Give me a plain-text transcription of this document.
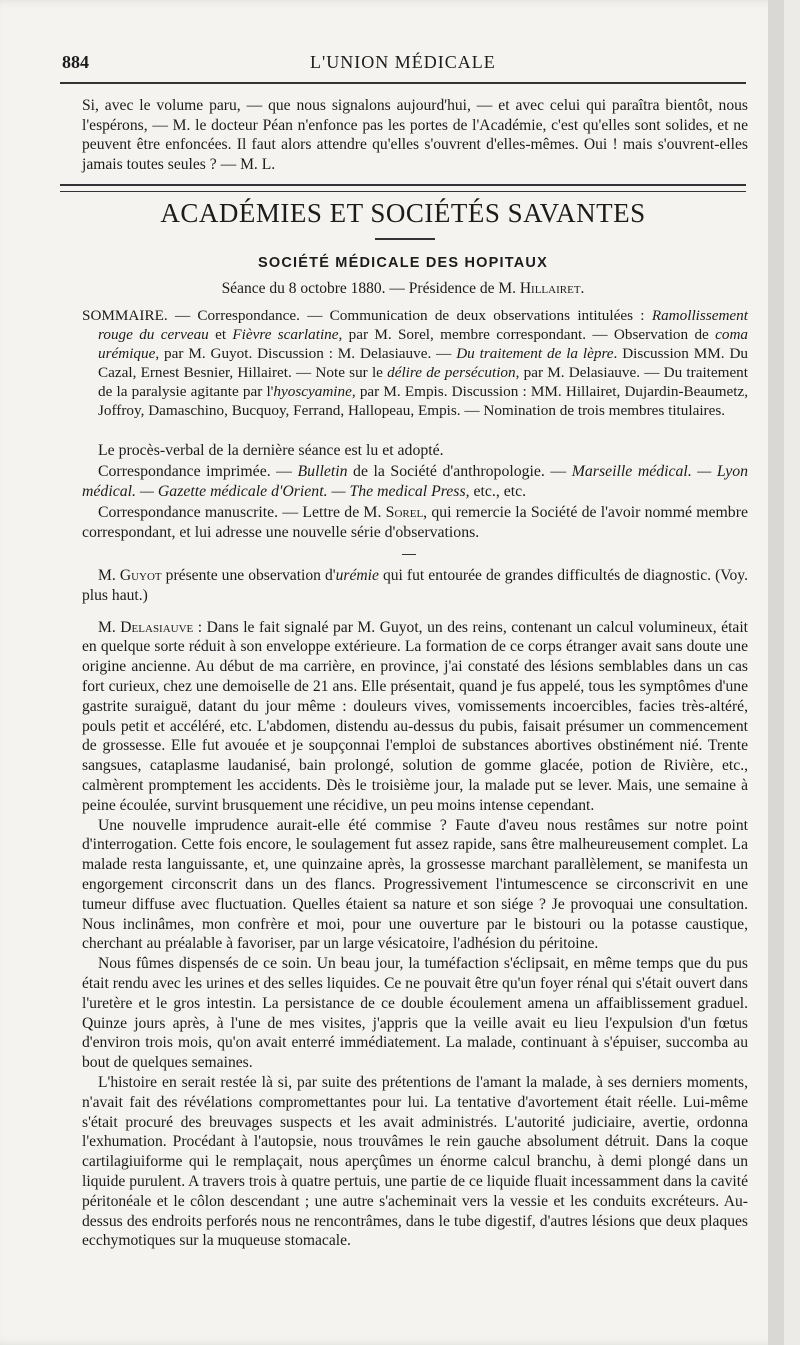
884	L'UNION MÉDICALE

Si, avec le volume paru, — que nous signalons aujourd'hui, — et avec celui qui paraîtra bientôt, nous l'espérons, — M. le docteur Péan n'enfonce pas les portes de l'Académie, c'est qu'elles sont solides, et ne peuvent être enfoncées. Il faut alors attendre qu'elles s'ouvrent d'elles-mêmes. Oui ! mais s'ouvrent-elles jamais toutes seules ? — M. L.

ACADÉMIES ET SOCIÉTÉS SAVANTES
SOCIÉTÉ MÉDICALE DES HOPITAUX
Séance du 8 octobre 1880. — Présidence de M. Hillairet.

SOMMAIRE. — Correspondance. — Communication de deux observations intitulées : Ramollissement rouge du cerveau et Fièvre scarlatine, par M. Sorel, membre correspondant. — Observation de coma urémique, par M. Guyot. Discussion : M. Delasiauve. — Du traitement de la lèpre. Discussion MM. Du Cazal, Ernest Besnier, Hillairet. — Note sur le délire de persécution, par M. Delasiauve. — Du traitement de la paralysie agitante par l'hyoscyamine, par M. Empis. Discussion : MM. Hillairet, Dujardin-Beaumetz, Joffroy, Damaschino, Bucquoy, Ferrand, Hallopeau, Empis. — Nomination de trois membres titulaires.

Le procès-verbal de la dernière séance est lu et adopté.

Correspondance imprimée. — Bulletin de la Société d'anthropologie. — Marseille médical. — Lyon médical. — Gazette médicale d'Orient. — The medical Press, etc., etc.

Correspondance manuscrite. — Lettre de M. Sorel, qui remercie la Société de l'avoir nommé membre correspondant, et lui adresse une nouvelle série d'observations.

M. Guyot présente une observation d'urémie qui fut entourée de grandes difficultés de diagnostic. (Voy. plus haut.)

M. Delasiauve : Dans le fait signalé par M. Guyot, un des reins, contenant un calcul volumineux, était en quelque sorte réduit à son enveloppe extérieure. La formation de ce corps étranger avait sans doute une origine ancienne. Au début de ma carrière, en province, j'ai constaté des lésions semblables dans un cas fort curieux, chez une demoiselle de 21 ans. Elle présentait, quand je fus appelé, tous les symptômes d'une gastrite suraiguë, datant du jour même : douleurs vives, vomissements incoercibles, facies très-altéré, pouls petit et accéléré, etc. L'abdomen, distendu au-dessus du pubis, faisait présumer un commencement de grossesse. Elle fut avouée et je soupçonnai l'emploi de substances abortives obstinément nié. Trente sangsues, cataplasme laudanisé, bain prolongé, solution de gomme glacée, potion de Rivière, etc., calmèrent promptement les accidents. Dès le troisième jour, la malade put se lever. Mais, une semaine à peine écoulée, survint brusquement une récidive, un peu moins intense cependant.

Une nouvelle imprudence aurait-elle été commise ? Faute d'aveu nous restâmes sur notre point d'interrogation. Cette fois encore, le soulagement fut assez rapide, sans être malheureusement complet. La malade resta languissante, et, une quinzaine après, la grossesse marchant parallèlement, se manifesta un engorgement circonscrit dans un des flancs. Progressivement l'intumescence se circonscrivit en une tumeur diffuse avec fluctuation. Quelles étaient sa nature et son siége ? Je provoquai une consultation. Nous inclinâmes, mon confrère et moi, pour une ouverture par le bistouri ou la potasse caustique, cherchant au préalable à favoriser, par un large vésicatoire, l'adhésion du péritoine.

Nous fûmes dispensés de ce soin. Un beau jour, la tuméfaction s'éclipsait, en même temps que du pus était rendu avec les urines et des selles liquides. Ce ne pouvait être qu'un foyer rénal qui s'était ouvert dans l'uretère et le gros intestin. La persistance de ce double écoulement amena un affaiblissement graduel. Quinze jours après, à l'une de mes visites, j'appris que la veille avait eu lieu l'expulsion d'un fœtus d'environ trois mois, qu'on avait enterré immédiatement. La malade, continuant à s'épuiser, succomba au bout de quelques semaines.

L'histoire en serait restée là si, par suite des prétentions de l'amant la malade, à ses derniers moments, n'avait fait des révélations compromettantes pour lui. La tentative d'avortement était réelle. Lui-même s'était procuré des breuvages suspects et les avait administrés. L'autorité judiciaire, avertie, ordonna l'exhumation. Procédant à l'autopsie, nous trouvâmes le rein gauche absolument détruit. Dans la coque cartilagiuiforme qui le remplaçait, nous aperçûmes un énorme calcul branchu, à demi plongé dans un liquide purulent. A travers trois à quatre pertuis, une partie de ce liquide fluait incessamment dans la cavité péritonéale et le côlon descendant ; une autre s'acheminait vers la vessie et les conduits excréteurs. Au-dessus des endroits perforés nous ne rencontrâmes, dans le tube digestif, d'autres lésions que deux plaques ecchymotiques sur la muqueuse stomacale.
